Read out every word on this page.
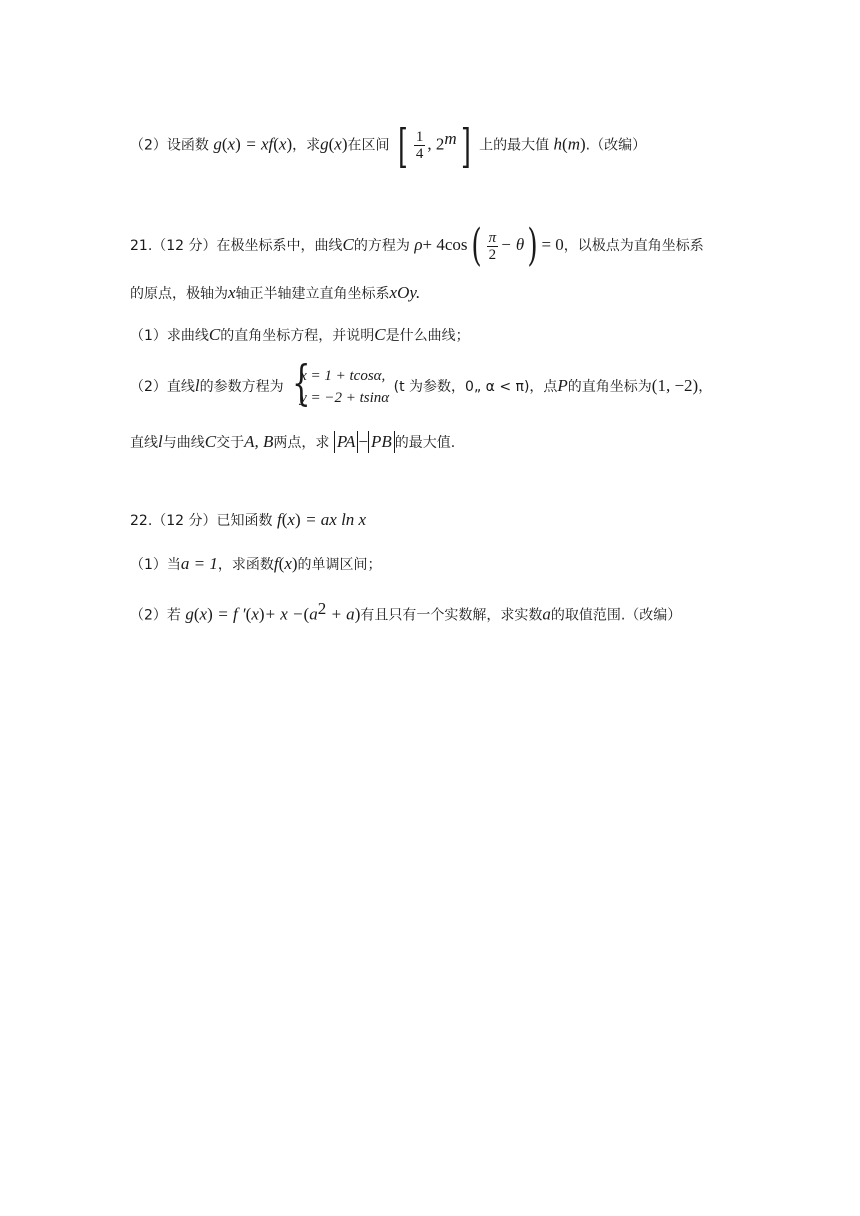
（2）设函数 g(x) = xf(x)，求g(x)在区间 [ $\frac{1}{4}$ , 2$^m$] 上的最大值 h(m).（改编）
21.（12 分）在极坐标系中，曲线C的方程为 $\rho+ 4\cos( \frac{\pi}{2} - \theta) = 0$，以极点为直角坐标系
的原点，极轴为x轴正半轴建立直角坐标系xOy.
（1）求曲线C的直角坐标方程，并说明C是什么曲线；
（2）直线l的参数方程为 {
x = 1 + tcosα,
y = −2 + tsinα
(t 为参数，0„ α < π)，点P的直角坐标为(1, −2)，
直线l与曲线C交于A, B两点，求 PA − PB 的最大值.
22.（12 分）已知函数 f(x) = ax ln x
（1）当a = 1，求函数f(x)的单调区间；
（2）若 g(x) = f $'(x)+ x -(a^2 + a)$有且只有一个实数解，求实数a的取值范围.（改编）
